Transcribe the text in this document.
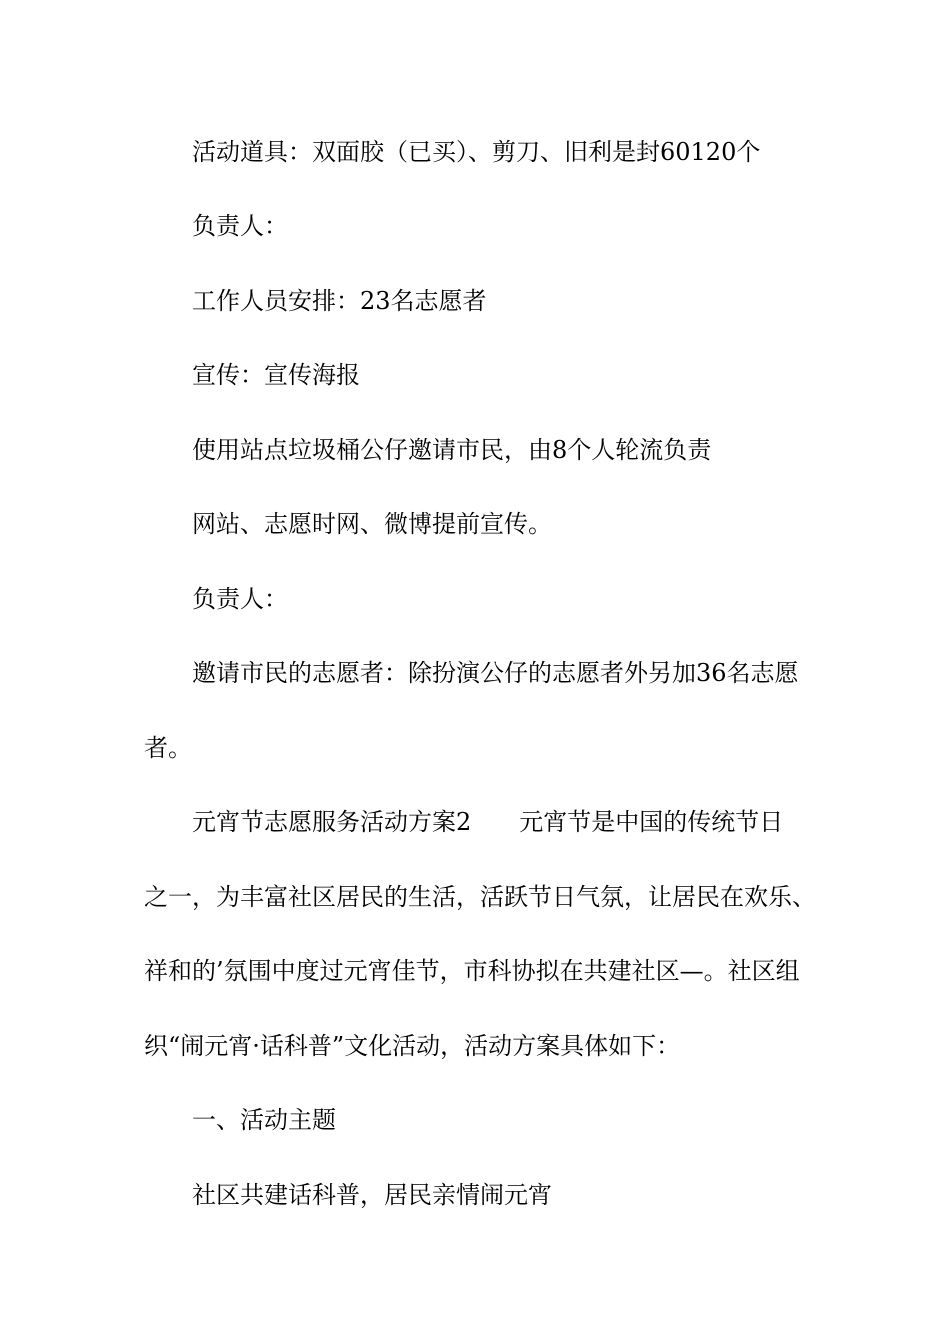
活动道具：双面胶（已买）、剪刀、旧利是封60120个
负责人：
工作人员安排：23名志愿者
宣传：宣传海报
使用站点垃圾桶公仔邀请市民，由8个人轮流负责
网站、志愿时网、微博提前宣传。
负责人：
邀请市民的志愿者：除扮演公仔的志愿者外另加36名志愿
者。
元宵节志愿服务活动方案2 元宵节是中国的传统节日
之一，为丰富社区居民的生活，活跃节日气氛，让居民在欢乐、
祥和的’氛围中度过元宵佳节，市科协拟在共建社区—。社区组
织“闹元宵·话科普”文化活动，活动方案具体如下：
一、活动主题
社区共建话科普，居民亲情闹元宵
